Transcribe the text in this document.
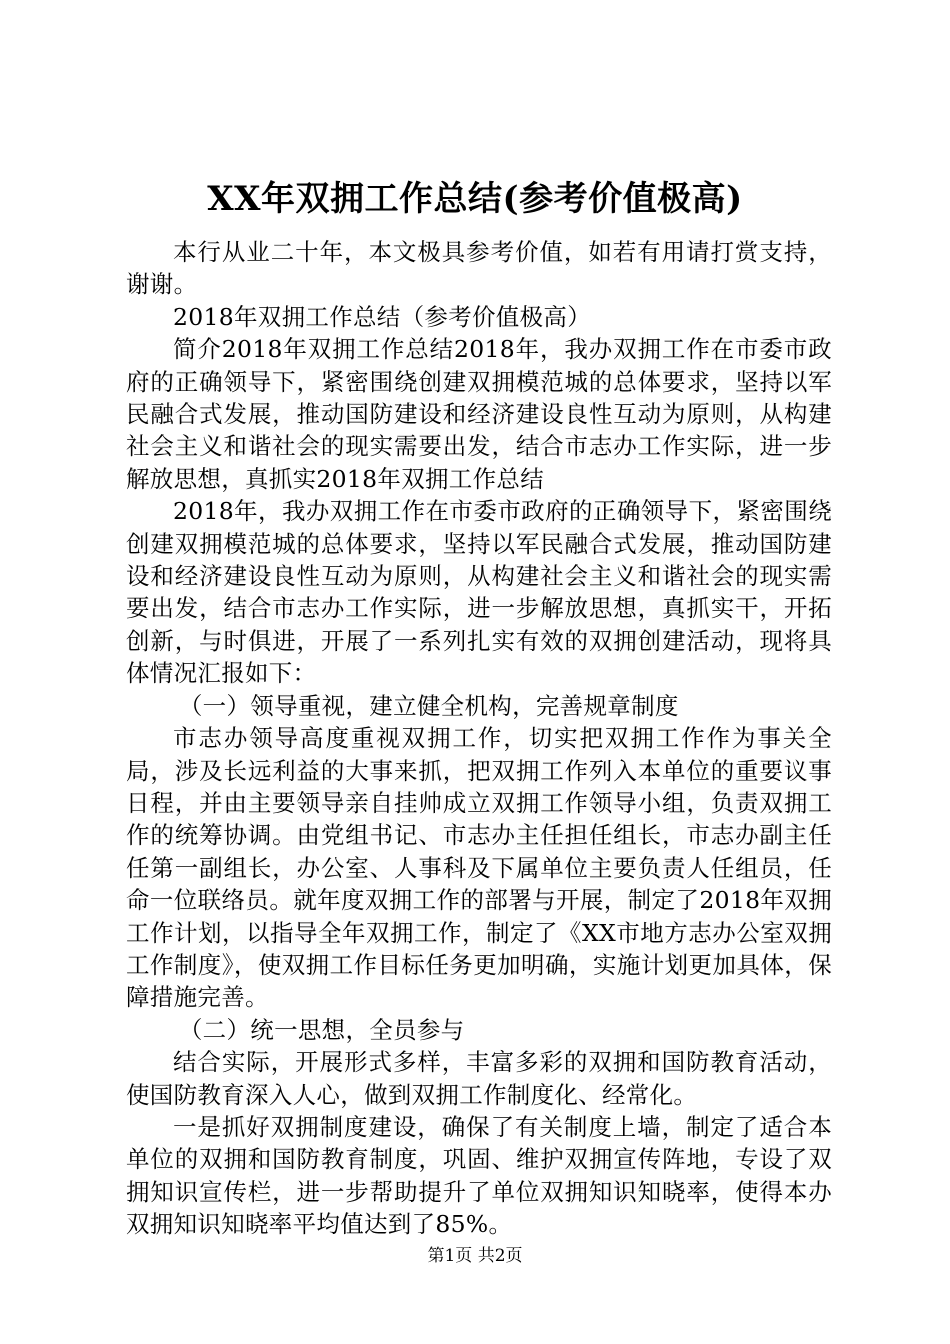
XX年双拥工作总结(参考价值极高)

本行从业二十年，本文极具参考价值，如若有用请打赏支持，谢谢。

2018年双拥工作总结（参考价值极高）

简介2018年双拥工作总结2018年，我办双拥工作在市委市政府的正确领导下，紧密围绕创建双拥模范城的总体要求，坚持以军民融合式发展，推动国防建设和经济建设良性互动为原则，从构建社会主义和谐社会的现实需要出发，结合市志办工作实际，进一步解放思想，真抓实2018年双拥工作总结

2018年，我办双拥工作在市委市政府的正确领导下，紧密围绕创建双拥模范城的总体要求，坚持以军民融合式发展，推动国防建设和经济建设良性互动为原则，从构建社会主义和谐社会的现实需要出发，结合市志办工作实际，进一步解放思想，真抓实干，开拓创新，与时俱进，开展了一系列扎实有效的双拥创建活动，现将具体情况汇报如下：

（一）领导重视，建立健全机构，完善规章制度

市志办领导高度重视双拥工作，切实把双拥工作作为事关全局，涉及长远利益的大事来抓，把双拥工作列入本单位的重要议事日程，并由主要领导亲自挂帅成立双拥工作领导小组，负责双拥工作的统筹协调。由党组书记、市志办主任担任组长，市志办副主任任第一副组长，办公室、人事科及下属单位主要负责人任组员，任命一位联络员。就年度双拥工作的部署与开展，制定了2018年双拥工作计划，以指导全年双拥工作，制定了《XX市地方志办公室双拥工作制度》，使双拥工作目标任务更加明确，实施计划更加具体，保障措施完善。

（二）统一思想，全员参与

结合实际，开展形式多样，丰富多彩的双拥和国防教育活动，使国防教育深入人心，做到双拥工作制度化、经常化。

一是抓好双拥制度建设，确保了有关制度上墙，制定了适合本单位的双拥和国防教育制度，巩固、维护双拥宣传阵地，专设了双拥知识宣传栏，进一步帮助提升了单位双拥知识知晓率，使得本办双拥知识知晓率平均值达到了85%。

第1页 共2页
